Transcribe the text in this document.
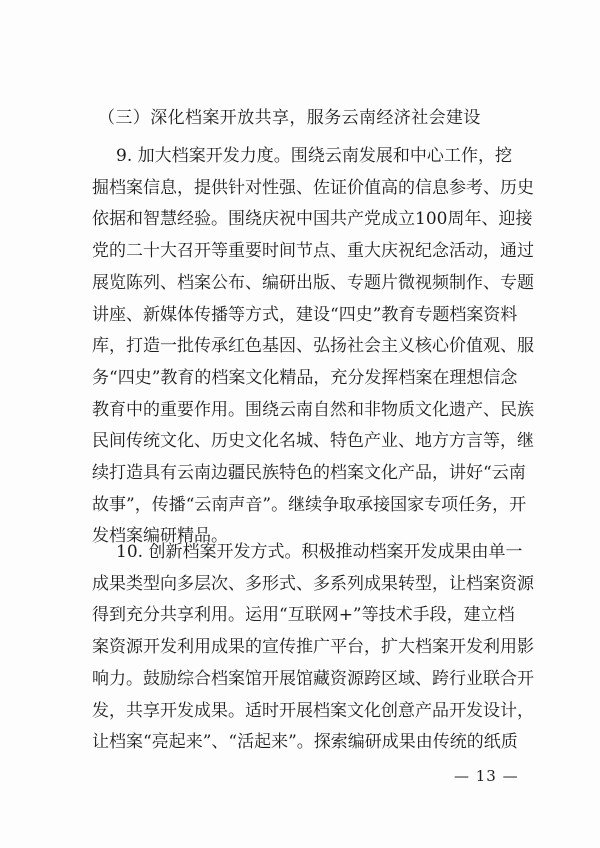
（三）深化档案开放共享，服务云南经济社会建设
9. 加大档案开发力度。围绕云南发展和中心工作，挖
掘档案信息，提供针对性强、佐证价值高的信息参考、历史
依据和智慧经验。围绕庆祝中国共产党成立100周年、迎接
党的二十大召开等重要时间节点、重大庆祝纪念活动，通过
展览陈列、档案公布、编研出版、专题片微视频制作、专题
讲座、新媒体传播等方式，建设“四史”教育专题档案资料
库，打造一批传承红色基因、弘扬社会主义核心价值观、服
务“四史”教育的档案文化精品，充分发挥档案在理想信念
教育中的重要作用。围绕云南自然和非物质文化遗产、民族
民间传统文化、历史文化名城、特色产业、地方方言等，继
续打造具有云南边疆民族特色的档案文化产品，讲好“云南
故事”，传播“云南声音”。继续争取承接国家专项任务，开
发档案编研精品。
10. 创新档案开发方式。积极推动档案开发成果由单一
成果类型向多层次、多形式、多系列成果转型，让档案资源
得到充分共享利用。运用“互联网+”等技术手段，建立档
案资源开发利用成果的宣传推广平台，扩大档案开发利用影
响力。鼓励综合档案馆开展馆藏资源跨区域、跨行业联合开
发，共享开发成果。适时开展档案文化创意产品开发设计，
让档案“亮起来”、“活起来”。探索编研成果由传统的纸质
— 13 —
